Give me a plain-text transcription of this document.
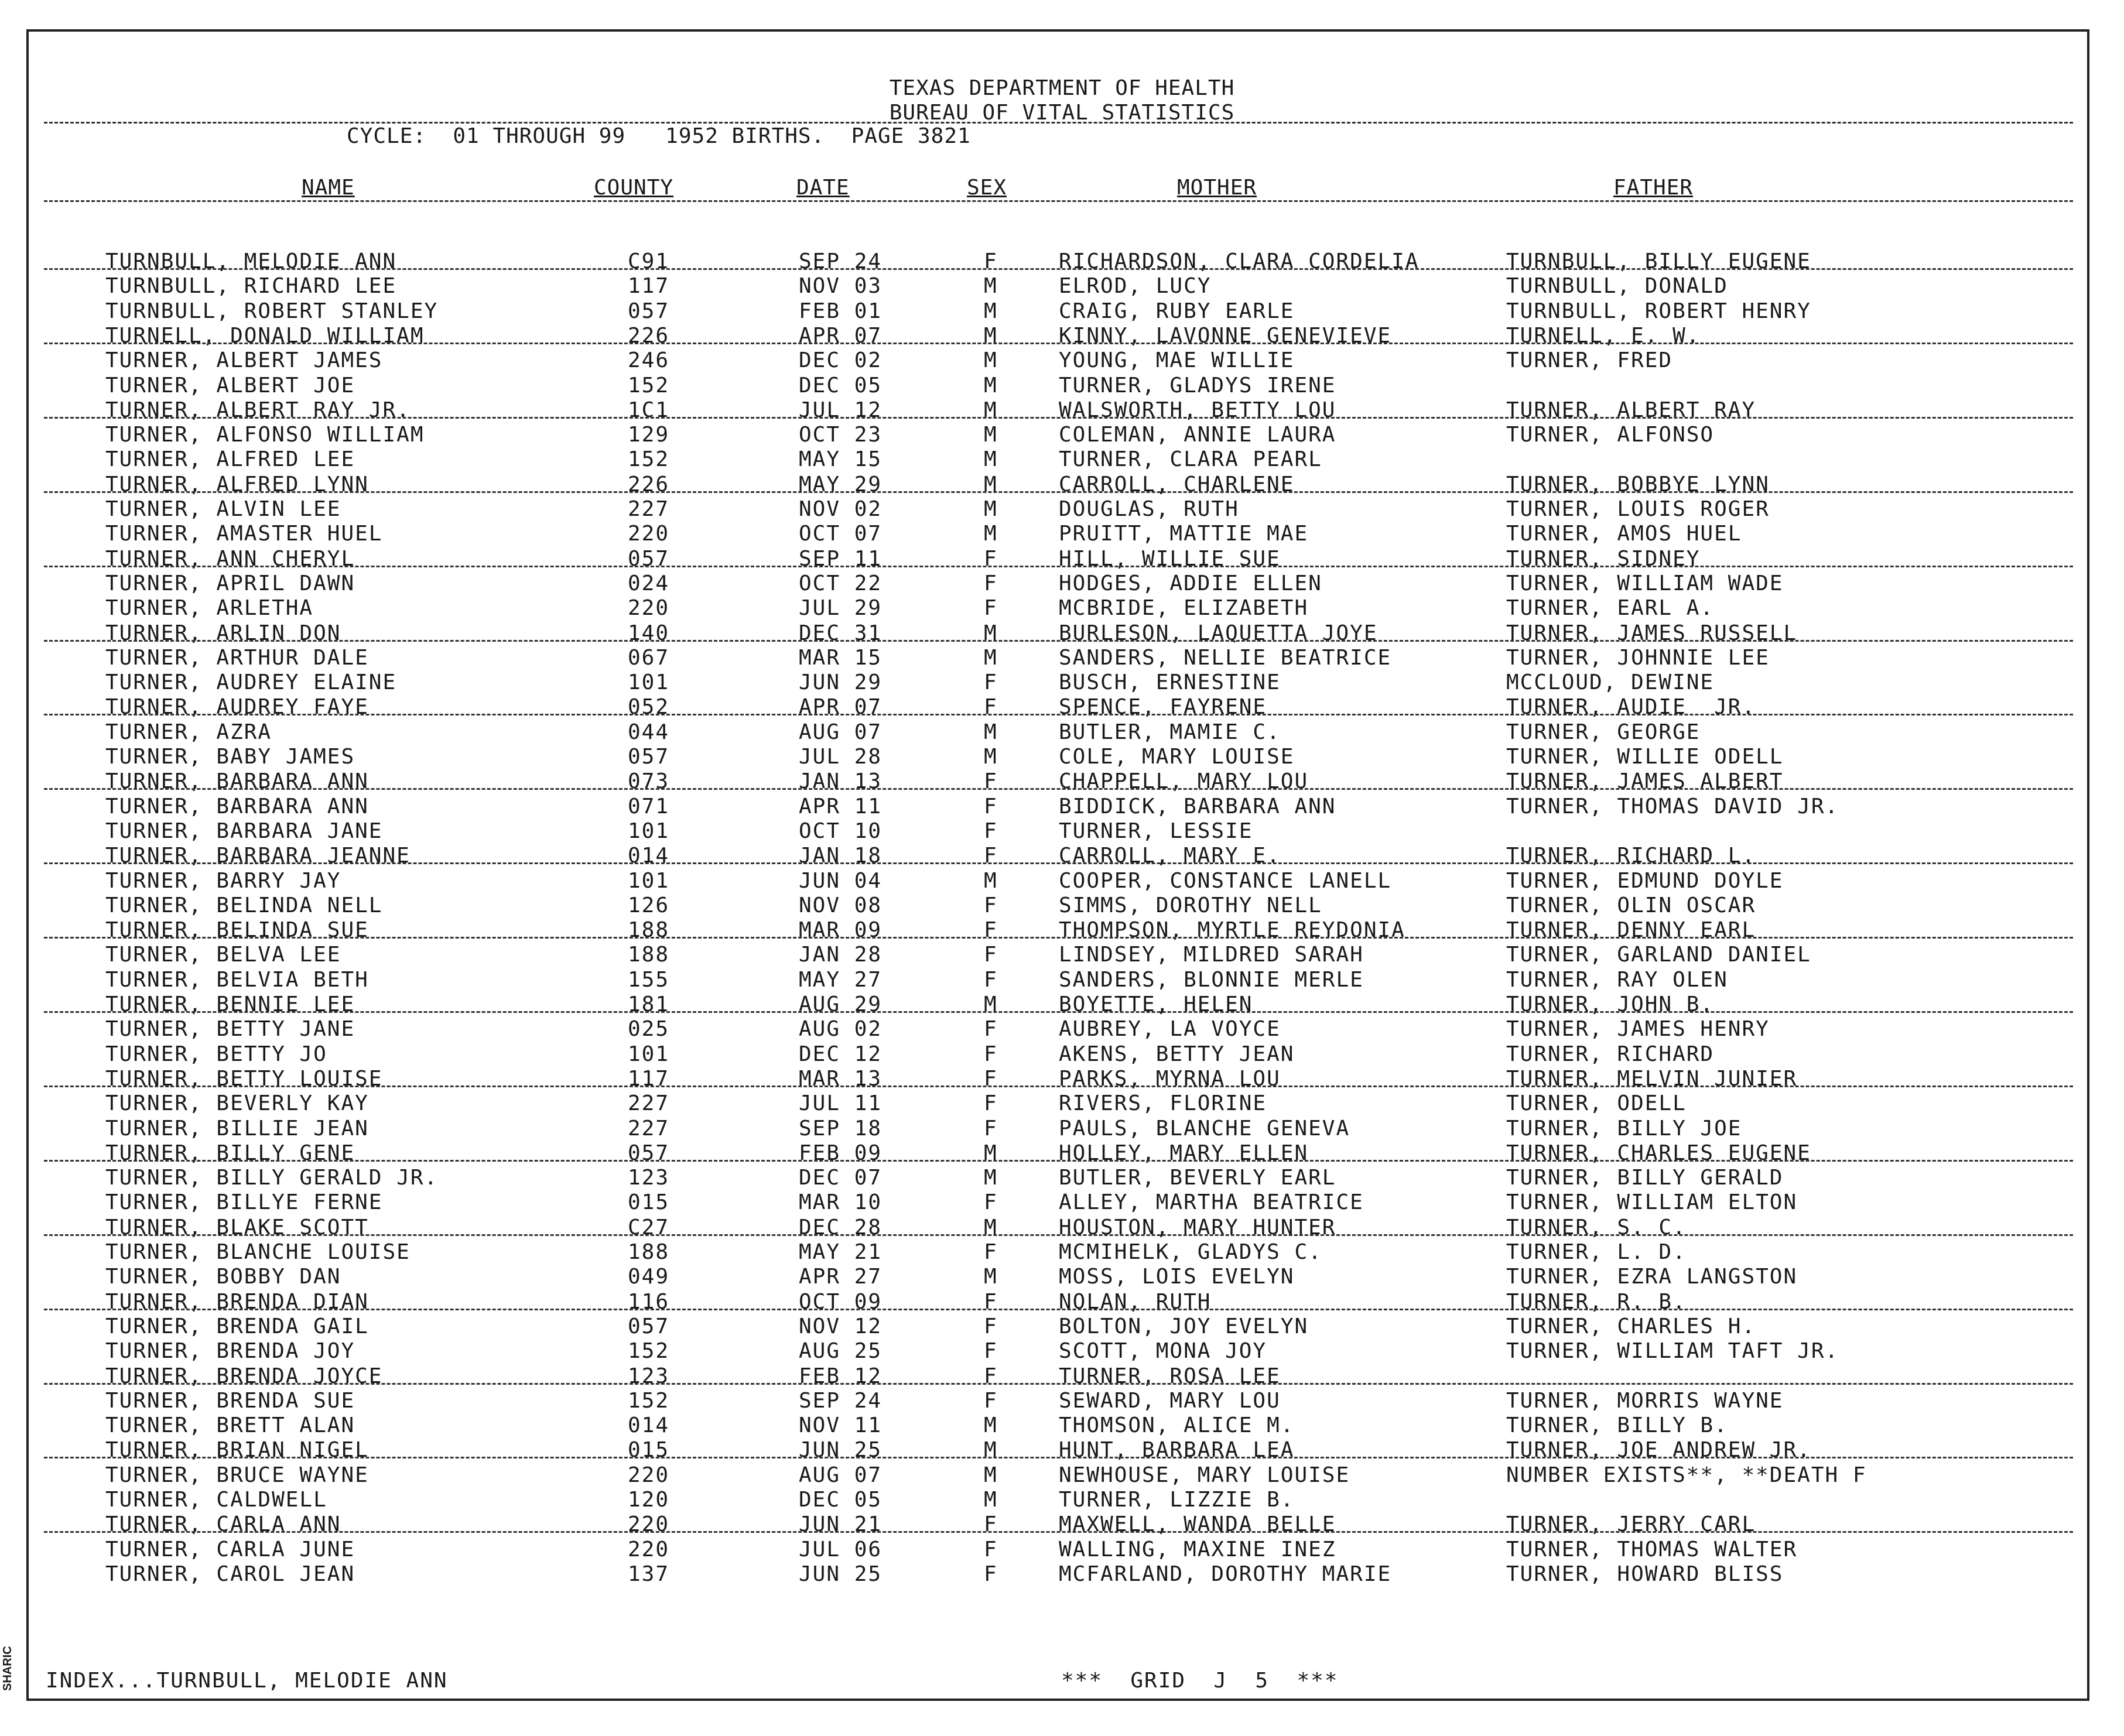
TEXAS DEPARTMENT OF HEALTH
BUREAU OF VITAL STATISTICS
CYCLE:  01 THROUGH 99   1952 BIRTHS.  PAGE 3821
NAME	COUNTY	DATE	SEX	MOTHER	FATHER
TURNBULL, MELODIE ANN	C91	SEP 24	F	RICHARDSON, CLARA CORDELIA	TURNBULL, BILLY EUGENE
TURNBULL, RICHARD LEE	117	NOV 03	M	ELROD, LUCY	TURNBULL, DONALD
TURNBULL, ROBERT STANLEY	057	FEB 01	M	CRAIG, RUBY EARLE	TURNBULL, ROBERT HENRY
TURNELL, DONALD WILLIAM	226	APR 07	M	KINNY, LAVONNE GENEVIEVE	TURNELL, E. W.
TURNER, ALBERT JAMES	246	DEC 02	M	YOUNG, MAE WILLIE	TURNER, FRED
TURNER, ALBERT JOE	152	DEC 05	M	TURNER, GLADYS IRENE
TURNER, ALBERT RAY JR.	1C1	JUL 12	M	WALSWORTH, BETTY LOU	TURNER, ALBERT RAY
TURNER, ALFONSO WILLIAM	129	OCT 23	M	COLEMAN, ANNIE LAURA	TURNER, ALFONSO
TURNER, ALFRED LEE	152	MAY 15	M	TURNER, CLARA PEARL
TURNER, ALFRED LYNN	226	MAY 29	M	CARROLL, CHARLENE	TURNER, BOBBYE LYNN
TURNER, ALVIN LEE	227	NOV 02	M	DOUGLAS, RUTH	TURNER, LOUIS ROGER
TURNER, AMASTER HUEL	220	OCT 07	M	PRUITT, MATTIE MAE	TURNER, AMOS HUEL
TURNER, ANN CHERYL	057	SEP 11	F	HILL, WILLIE SUE	TURNER, SIDNEY
TURNER, APRIL DAWN	024	OCT 22	F	HODGES, ADDIE ELLEN	TURNER, WILLIAM WADE
TURNER, ARLETHA	220	JUL 29	F	MCBRIDE, ELIZABETH	TURNER, EARL A.
TURNER, ARLIN DON	140	DEC 31	M	BURLESON, LAQUETTA JOYE	TURNER, JAMES RUSSELL
TURNER, ARTHUR DALE	067	MAR 15	M	SANDERS, NELLIE BEATRICE	TURNER, JOHNNIE LEE
TURNER, AUDREY ELAINE	101	JUN 29	F	BUSCH, ERNESTINE	MCCLOUD, DEWINE
TURNER, AUDREY FAYE	052	APR 07	F	SPENCE, FAYRENE	TURNER, AUDIE  JR.
TURNER, AZRA	044	AUG 07	M	BUTLER, MAMIE C.	TURNER, GEORGE
TURNER, BABY JAMES	057	JUL 28	M	COLE, MARY LOUISE	TURNER, WILLIE ODELL
TURNER, BARBARA ANN	073	JAN 13	F	CHAPPELL, MARY LOU	TURNER, JAMES ALBERT
TURNER, BARBARA ANN	071	APR 11	F	BIDDICK, BARBARA ANN	TURNER, THOMAS DAVID JR.
TURNER, BARBARA JANE	101	OCT 10	F	TURNER, LESSIE
TURNER, BARBARA JEANNE	014	JAN 18	F	CARROLL, MARY E.	TURNER, RICHARD L.
TURNER, BARRY JAY	101	JUN 04	M	COOPER, CONSTANCE LANELL	TURNER, EDMUND DOYLE
TURNER, BELINDA NELL	126	NOV 08	F	SIMMS, DOROTHY NELL	TURNER, OLIN OSCAR
TURNER, BELINDA SUE	188	MAR 09	F	THOMPSON, MYRTLE REYDONIA	TURNER, DENNY EARL
TURNER, BELVA LEE	188	JAN 28	F	LINDSEY, MILDRED SARAH	TURNER, GARLAND DANIEL
TURNER, BELVIA BETH	155	MAY 27	F	SANDERS, BLONNIE MERLE	TURNER, RAY OLEN
TURNER, BENNIE LEE	181	AUG 29	M	BOYETTE, HELEN	TURNER, JOHN B.
TURNER, BETTY JANE	025	AUG 02	F	AUBREY, LA VOYCE	TURNER, JAMES HENRY
TURNER, BETTY JO	101	DEC 12	F	AKENS, BETTY JEAN	TURNER, RICHARD
TURNER, BETTY LOUISE	117	MAR 13	F	PARKS, MYRNA LOU	TURNER, MELVIN JUNIER
TURNER, BEVERLY KAY	227	JUL 11	F	RIVERS, FLORINE	TURNER, ODELL
TURNER, BILLIE JEAN	227	SEP 18	F	PAULS, BLANCHE GENEVA	TURNER, BILLY JOE
TURNER, BILLY GENE	057	FEB 09	M	HOLLEY, MARY ELLEN	TURNER, CHARLES EUGENE
TURNER, BILLY GERALD JR.	123	DEC 07	M	BUTLER, BEVERLY EARL	TURNER, BILLY GERALD
TURNER, BILLYE FERNE	015	MAR 10	F	ALLEY, MARTHA BEATRICE	TURNER, WILLIAM ELTON
TURNER, BLAKE SCOTT	C27	DEC 28	M	HOUSTON, MARY HUNTER	TURNER, S. C.
TURNER, BLANCHE LOUISE	188	MAY 21	F	MCMIHELK, GLADYS C.	TURNER, L. D.
TURNER, BOBBY DAN	049	APR 27	M	MOSS, LOIS EVELYN	TURNER, EZRA LANGSTON
TURNER, BRENDA DIAN	116	OCT 09	F	NOLAN, RUTH	TURNER, R. B.
TURNER, BRENDA GAIL	057	NOV 12	F	BOLTON, JOY EVELYN	TURNER, CHARLES H.
TURNER, BRENDA JOY	152	AUG 25	F	SCOTT, MONA JOY	TURNER, WILLIAM TAFT JR.
TURNER, BRENDA JOYCE	123	FEB 12	F	TURNER, ROSA LEE
TURNER, BRENDA SUE	152	SEP 24	F	SEWARD, MARY LOU	TURNER, MORRIS WAYNE
TURNER, BRETT ALAN	014	NOV 11	M	THOMSON, ALICE M.	TURNER, BILLY B.
TURNER, BRIAN NIGEL	015	JUN 25	M	HUNT, BARBARA LEA	TURNER, JOE ANDREW JR.
TURNER, BRUCE WAYNE	220	AUG 07	M	NEWHOUSE, MARY LOUISE	NUMBER EXISTS**, **DEATH F
TURNER, CALDWELL	120	DEC 05	M	TURNER, LIZZIE B.
TURNER, CARLA ANN	220	JUN 21	F	MAXWELL, WANDA BELLE	TURNER, JERRY CARL
TURNER, CARLA JUNE	220	JUL 06	F	WALLING, MAXINE INEZ	TURNER, THOMAS WALTER
TURNER, CAROL JEAN	137	JUN 25	F	MCFARLAND, DOROTHY MARIE	TURNER, HOWARD BLISS
INDEX...TURNBULL, MELODIE ANN	***  GRID  J  5  ***
SHARIC
